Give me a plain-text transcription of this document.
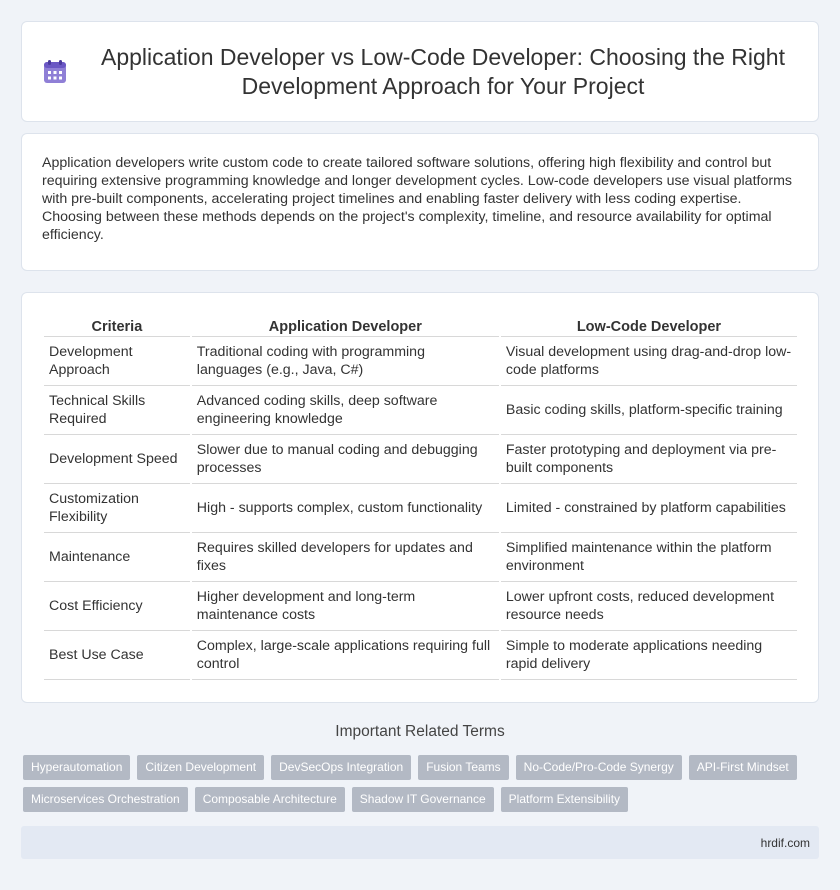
Application Developer vs Low-Code Developer: Choosing the Right Development Approach for Your Project

Application developers write custom code to create tailored software solutions, offering high flexibility and control but requiring extensive programming knowledge and longer development cycles. Low-code developers use visual platforms with pre-built components, accelerating project timelines and enabling faster delivery with less coding expertise. Choosing between these methods depends on the project's complexity, timeline, and resource availability for optimal efficiency.

Criteria	Application Developer	Low-Code Developer
Development Approach	Traditional coding with programming languages (e.g., Java, C#)	Visual development using drag-and-drop low-code platforms
Technical Skills Required	Advanced coding skills, deep software engineering knowledge	Basic coding skills, platform-specific training
Development Speed	Slower due to manual coding and debugging processes	Faster prototyping and deployment via pre-built components
Customization Flexibility	High - supports complex, custom functionality	Limited - constrained by platform capabilities
Maintenance	Requires skilled developers for updates and fixes	Simplified maintenance within the platform environment
Cost Efficiency	Higher development and long-term maintenance costs	Lower upfront costs, reduced development resource needs
Best Use Case	Complex, large-scale applications requiring full control	Simple to moderate applications needing rapid delivery
Important Related Terms
Hyperautomation	Citizen Development	DevSecOps Integration	Fusion Teams	No-Code/Pro-Code Synergy	API-First Mindset
Microservices Orchestration	Composable Architecture	Shadow IT Governance	Platform Extensibility
hrdif.com
